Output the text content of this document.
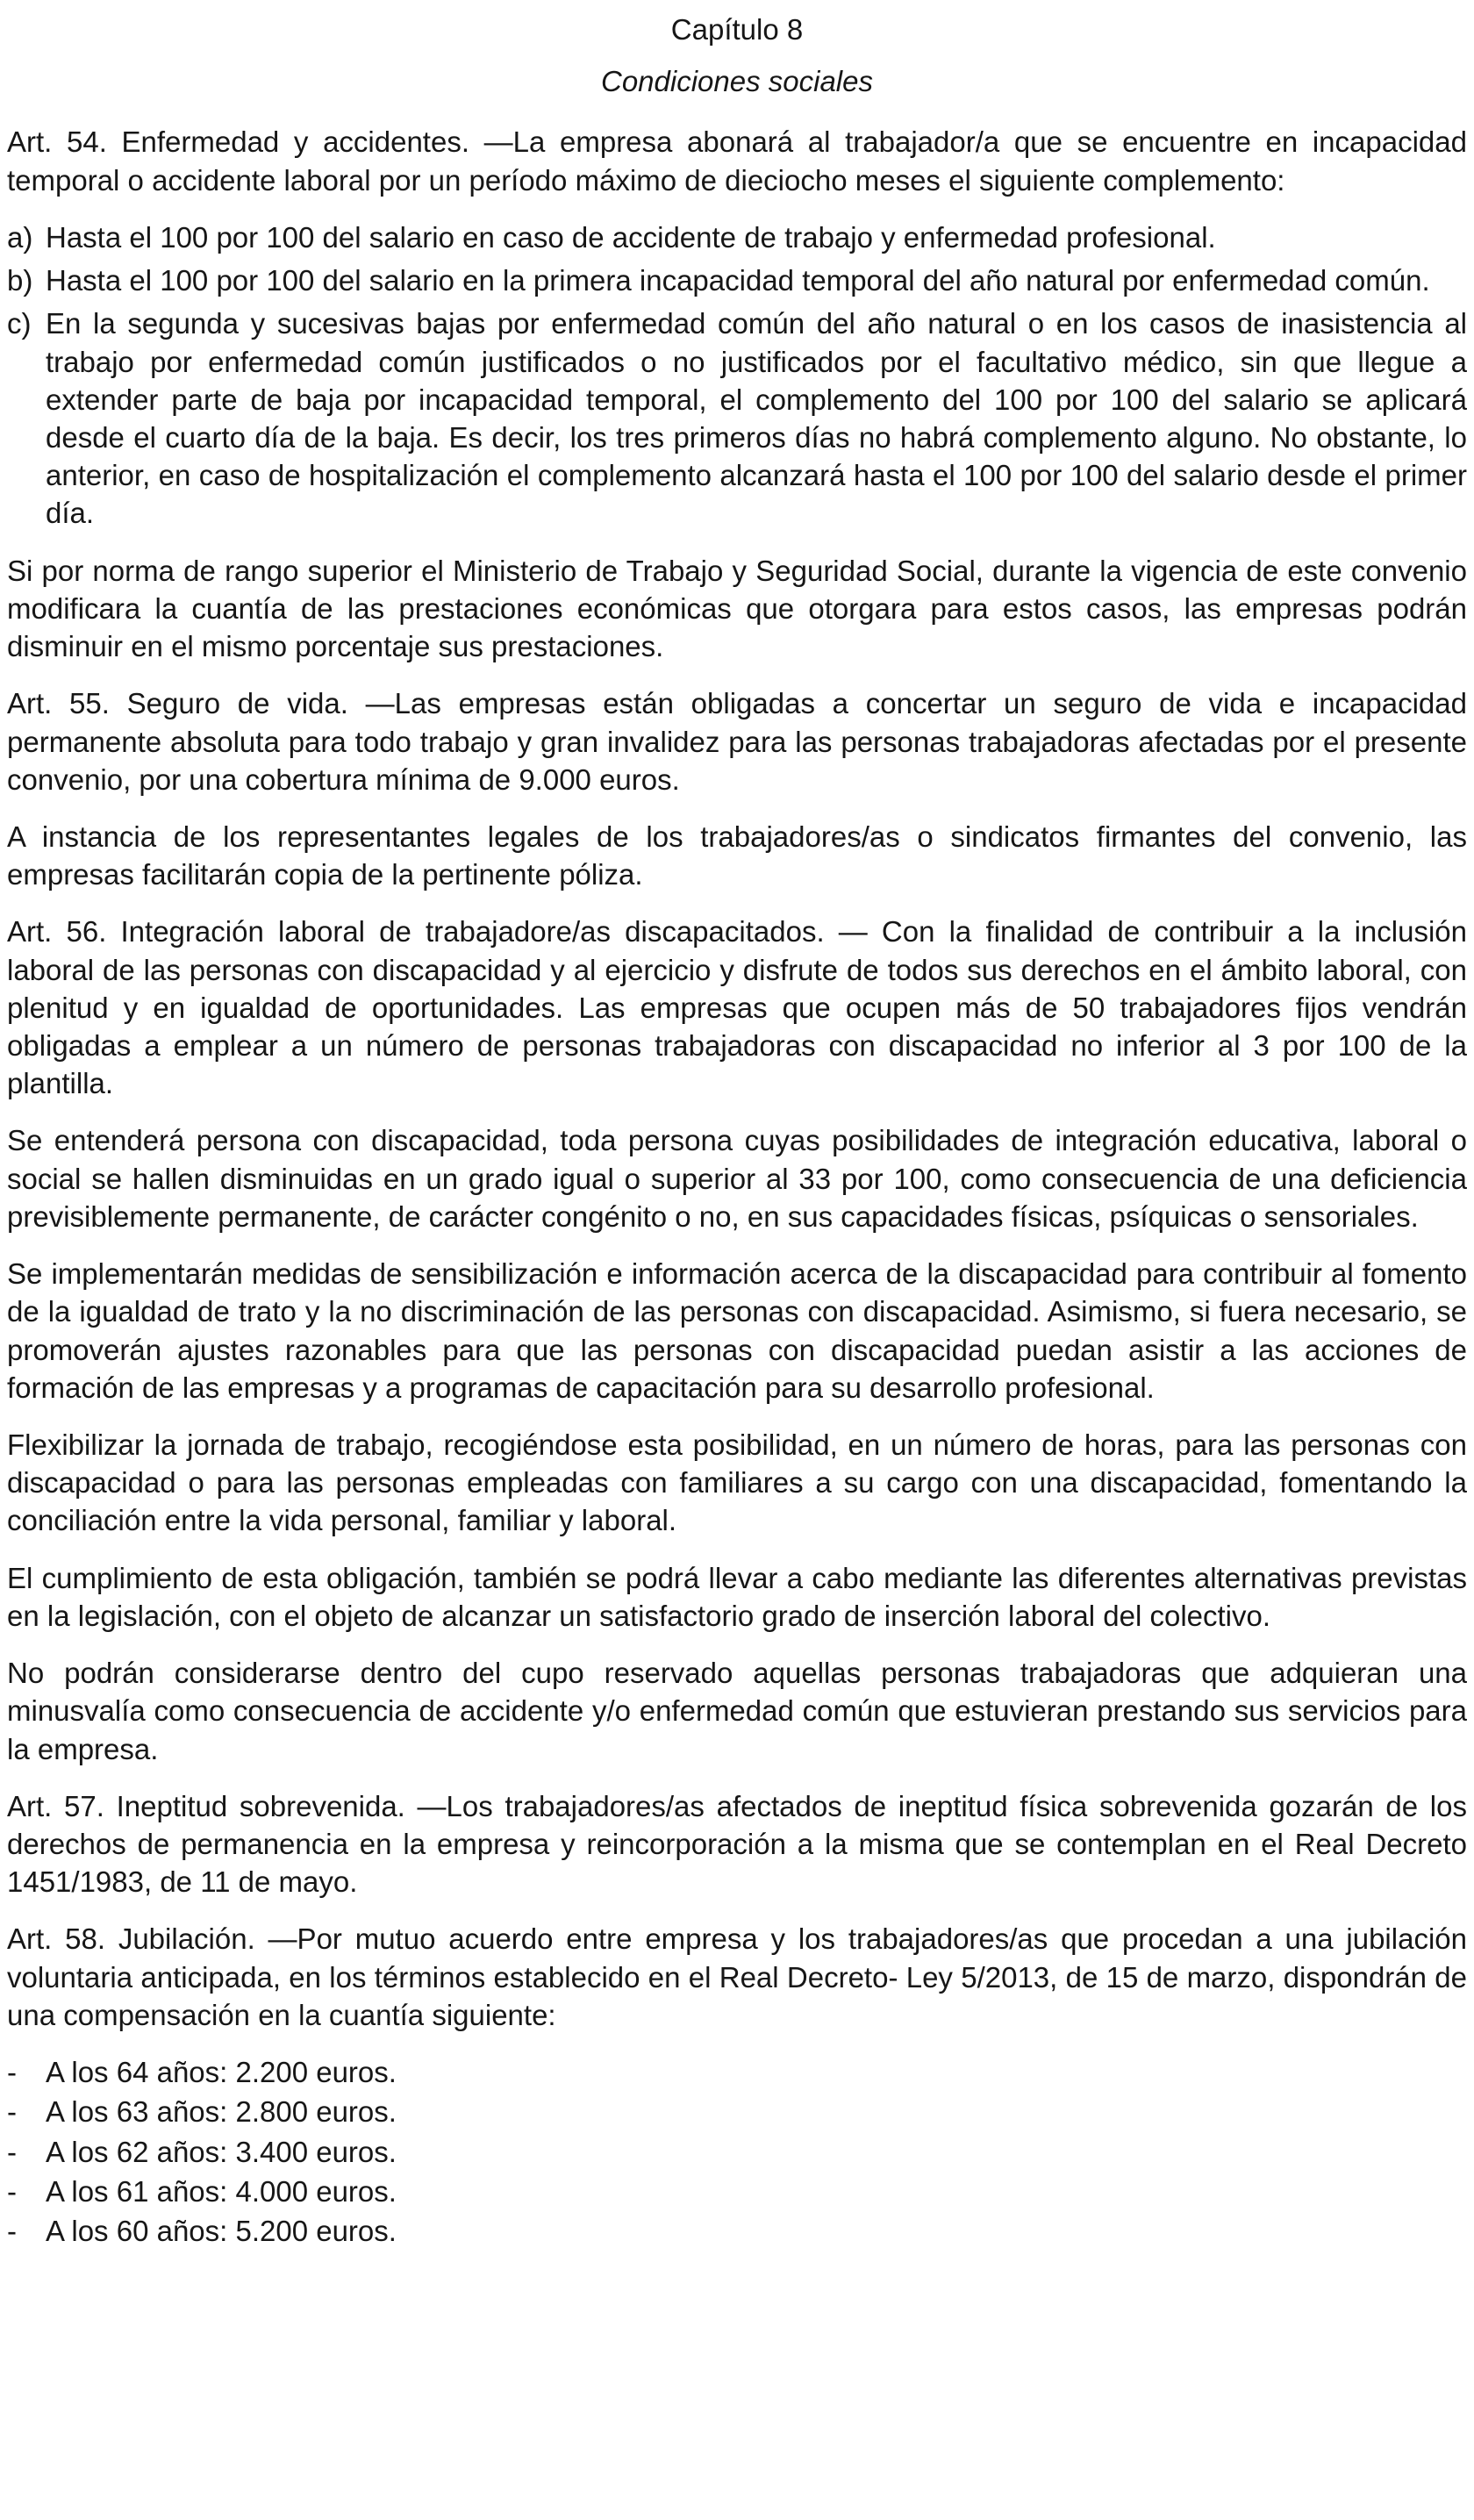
Capítulo 8
Condiciones sociales

Art. 54. Enfermedad y accidentes. —La empresa abonará al trabajador/a que se encuentre en incapacidad temporal o accidente laboral por un período máximo de dieciocho meses el siguiente complemento:

a) Hasta el 100 por 100 del salario en caso de accidente de trabajo y enfermedad profesional.
b) Hasta el 100 por 100 del salario en la primera incapacidad temporal del año natural por enfermedad común.
c) En la segunda y sucesivas bajas por enfermedad común del año natural o en los casos de inasistencia al trabajo por enfermedad común justificados o no justificados por el facultativo médico, sin que llegue a extender parte de baja por incapacidad temporal, el complemento del 100 por 100 del salario se aplicará desde el cuarto día de la baja. Es decir, los tres primeros días no habrá complemento alguno. No obstante, lo anterior, en caso de hospitalización el complemento alcanzará hasta el 100 por 100 del salario desde el primer día.

Si por norma de rango superior el Ministerio de Trabajo y Seguridad Social, durante la vigencia de este convenio modificara la cuantía de las prestaciones económicas que otorgara para estos casos, las empresas podrán disminuir en el mismo porcentaje sus prestaciones.

Art. 55. Seguro de vida. —Las empresas están obligadas a concertar un seguro de vida e incapacidad permanente absoluta para todo trabajo y gran invalidez para las personas trabajadoras afectadas por el presente convenio, por una cobertura mínima de 9.000 euros.

A instancia de los representantes legales de los trabajadores/as o sindicatos firmantes del convenio, las empresas facilitarán copia de la pertinente póliza.

Art. 56. Integración laboral de trabajadore/as discapacitados. — Con la finalidad de contribuir a la inclusión laboral de las personas con discapacidad y al ejercicio y disfrute de todos sus derechos en el ámbito laboral, con plenitud y en igualdad de oportunidades. Las empresas que ocupen más de 50 trabajadores fijos vendrán obligadas a emplear a un número de personas trabajadoras con discapacidad no inferior al 3 por 100 de la plantilla.

Se entenderá persona con discapacidad, toda persona cuyas posibilidades de integración educativa, laboral o social se hallen disminuidas en un grado igual o superior al 33 por 100, como consecuencia de una deficiencia previsiblemente permanente, de carácter congénito o no, en sus capacidades físicas, psíquicas o sensoriales.

Se implementarán medidas de sensibilización e información acerca de la discapacidad para contribuir al fomento de la igualdad de trato y la no discriminación de las personas con discapacidad. Asimismo, si fuera necesario, se promoverán ajustes razonables para que las personas con discapacidad puedan asistir a las acciones de formación de las empresas y a programas de capacitación para su desarrollo profesional.

Flexibilizar la jornada de trabajo, recogiéndose esta posibilidad, en un número de horas, para las personas con discapacidad o para las personas empleadas con familiares a su cargo con una discapacidad, fomentando la conciliación entre la vida personal, familiar y laboral.

El cumplimiento de esta obligación, también se podrá llevar a cabo mediante las diferentes alternativas previstas en la legislación, con el objeto de alcanzar un satisfactorio grado de inserción laboral del colectivo.

No podrán considerarse dentro del cupo reservado aquellas personas trabajadoras que adquieran una minusvalía como consecuencia de accidente y/o enfermedad común que estuvieran prestando sus servicios para la empresa.

Art. 57. Ineptitud sobrevenida. —Los trabajadores/as afectados de ineptitud física sobrevenida gozarán de los derechos de permanencia en la empresa y reincorporación a la misma que se contemplan en el Real Decreto 1451/1983, de 11 de mayo.

Art. 58. Jubilación. —Por mutuo acuerdo entre empresa y los trabajadores/as que procedan a una jubilación voluntaria anticipada, en los términos establecido en el Real Decreto- Ley 5/2013, de 15 de marzo, dispondrán de una compensación en la cuantía siguiente:

-	A los 64 años: 2.200 euros.
-	A los 63 años: 2.800 euros.
-	A los 62 años: 3.400 euros.
-	A los 61 años: 4.000 euros.
-	A los 60 años: 5.200 euros.
